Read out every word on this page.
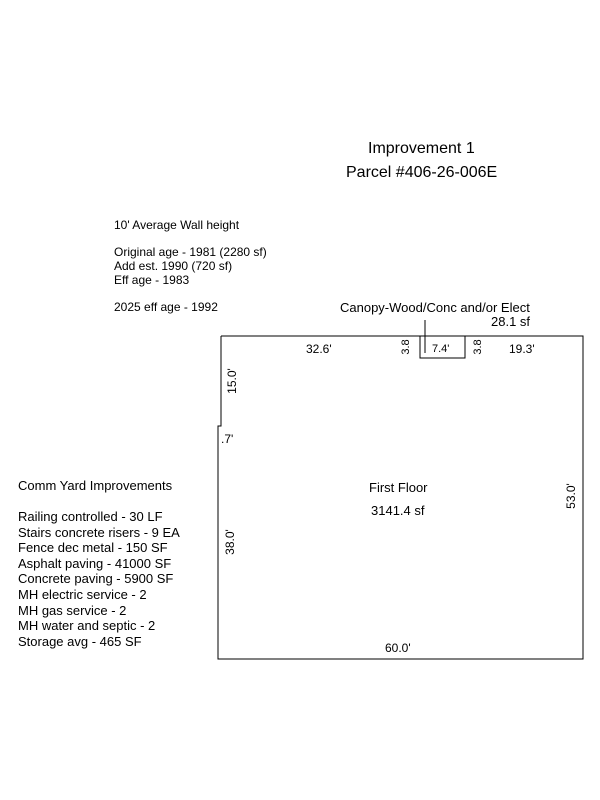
Improvement 1
Parcel #406-26-006E
10' Average Wall height
Original age - 1981 (2280 sf)
Add est. 1990 (720 sf)
Eff age - 1983
2025 eff age - 1992	Canopy-Wood/Conc and/or Elect
28.1 sf
7.4'
3.8	3.8
32.6'	19.3'
15.0'
.7'
38.0'
53.0'
60.0'
First Floor
3141.4 sf
Comm Yard Improvements
Railing controlled - 30 LF
Stairs concrete risers - 9 EA
Fence dec metal - 150 SF
Asphalt paving - 41000 SF
Concrete paving - 5900 SF
MH electric service - 2
MH gas service - 2
MH water and septic - 2
Storage avg - 465 SF
